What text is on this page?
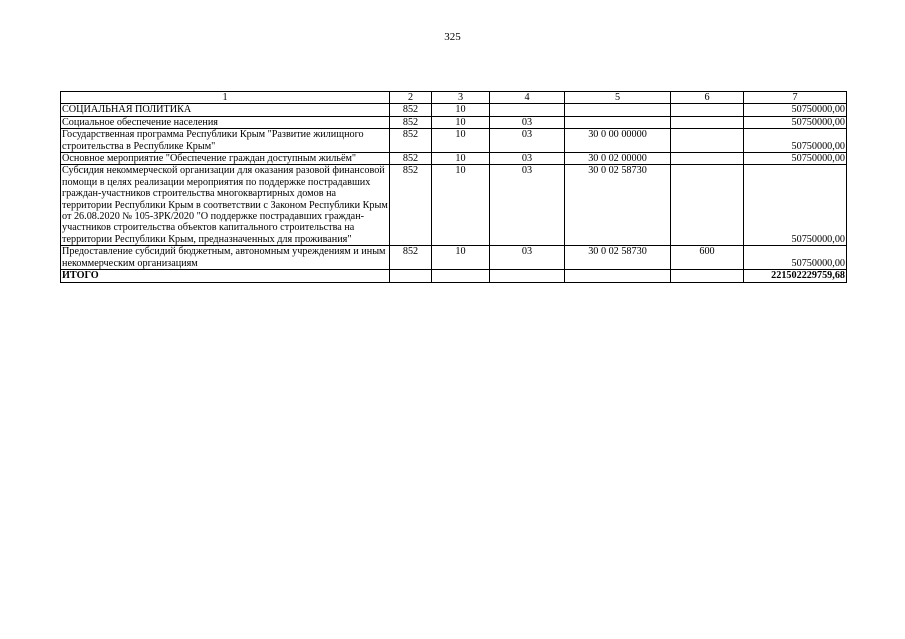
325
1	2	3	4	5	6	7
СОЦИАЛЬНАЯ ПОЛИТИКА	852	10				50750000,00
Социальное обеспечение населения	852	10	03			50750000,00
Государственная программа Республики Крым "Развитие жилищного строительства в Республике Крым"	852	10	03	30 0 00 00000		50750000,00
Основное мероприятие "Обеспечение граждан доступным жильём"	852	10	03	30 0 02 00000		50750000,00
Субсидия некоммерческой организации для оказания разовой финансовой помощи в целях реализации мероприятия по поддержке пострадавших граждан-участников строительства многоквартирных домов на территории Республики Крым в соответствии с Законом Республики Крым от 26.08.2020 № 105-ЗРК/2020 "О поддержке пострадавших граждан-участников строительства объектов капитального строительства на территории Республики Крым, предназначенных для проживания"	852	10	03	30 0 02 58730		50750000,00
Предоставление субсидий бюджетным, автономным учреждениям и иным некоммерческим организациям	852	10	03	30 0 02 58730	600	50750000,00
ИТОГО						221502229759,68
